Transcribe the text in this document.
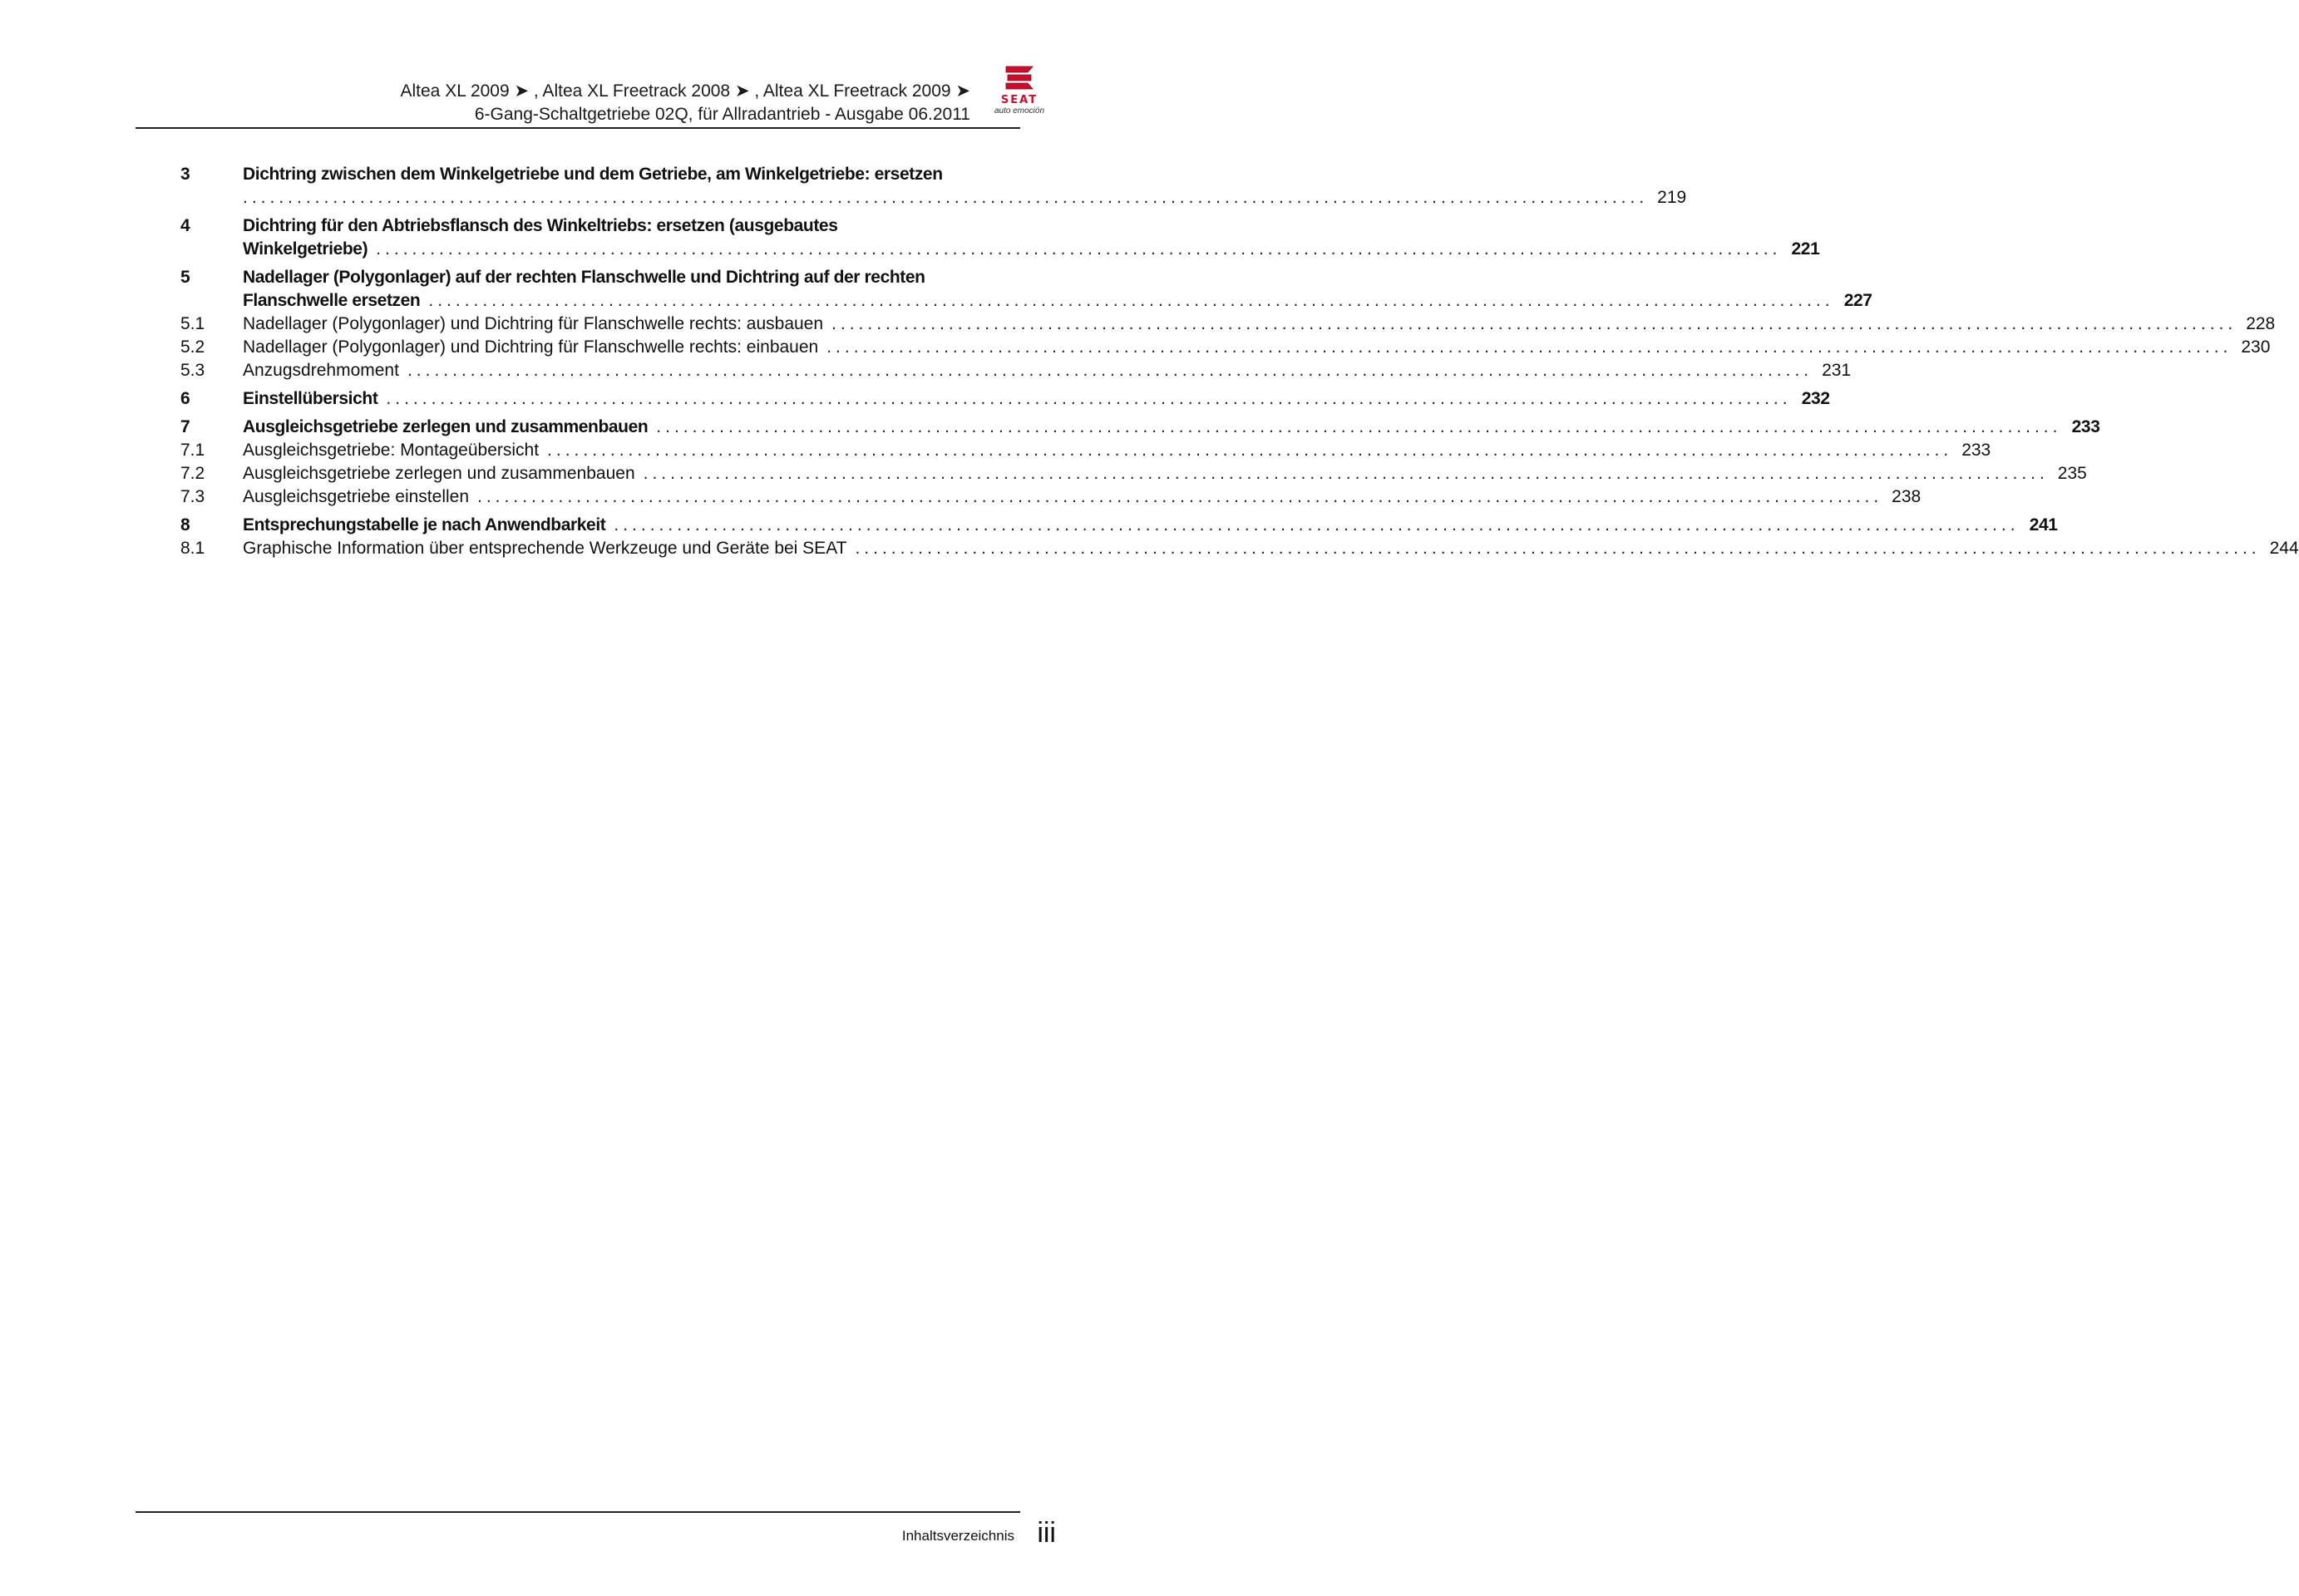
Altea XL 2009 ➤ , Altea XL Freetrack 2008 ➤ , Altea XL Freetrack 2009 ➤
6-Gang-Schaltgetriebe 02Q, für Allradantrieb - Ausgabe 06.2011
SEAT
auto emoción
3	Dichtring zwischen dem Winkelgetriebe und dem Getriebe, am Winkelgetriebe: ersetzen
............................................................................................................................................................ 219
4	Dichtring für den Abtriebsflansch des Winkeltriebs: ersetzen (ausgebautes
Winkelgetriebe) ............................................................................................................................................................ 221
5	Nadellager (Polygonlager) auf der rechten Flanschwelle und Dichtring auf der rechten
Flanschwelle ersetzen ............................................................................................................................................................ 227
5.1 Nadellager (Polygonlager) und Dichtring für Flanschwelle rechts: ausbauen ............................................................................................................................................................ 228
5.2 Nadellager (Polygonlager) und Dichtring für Flanschwelle rechts: einbauen ............................................................................................................................................................ 230
5.3 Anzugsdrehmoment ............................................................................................................................................................ 231
6	Einstellübersicht ............................................................................................................................................................ 232
7	Ausgleichsgetriebe zerlegen und zusammenbauen ............................................................................................................................................................ 233
7.1 Ausgleichsgetriebe: Montageübersicht ............................................................................................................................................................ 233
7.2 Ausgleichsgetriebe zerlegen und zusammenbauen ............................................................................................................................................................ 235
7.3 Ausgleichsgetriebe einstellen ............................................................................................................................................................ 238
8	Entsprechungstabelle je nach Anwendbarkeit ............................................................................................................................................................ 241
8.1 Graphische Information über entsprechende Werkzeuge und Geräte bei SEAT ............................................................................................................................................................ 244
Inhaltsverzeichnis iii
